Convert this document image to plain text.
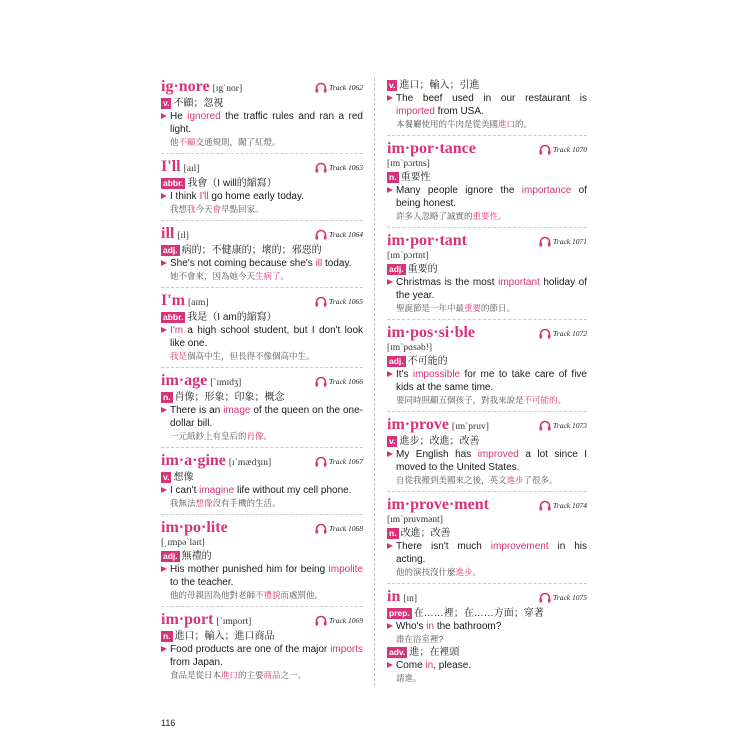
ig·nore [ɪg`nor]	Track 1062
v. 不顧；忽視
He ignored the traffic rules and ran a red light.
他不顧交通規則，闖了紅燈。
I'll [aɪl]	Track 1063
abbr. 我會（I will的縮寫）
I think I'll go home early today.
我想我今天會早點回家。
ill [ɪl]	Track 1064
adj. 病的；不健康的；壞的；邪惡的
She's not coming because she's ill today.
她不會來，因為她今天生病了。
I'm [aɪm]	Track 1065
abbr. 我是（I am的縮寫）
I'm a high school student, but I don't look like one.
我是個高中生，但長得不像個高中生。
im·age [`ɪmɪdʒ]	Track 1066
n. 肖像；形象；印象；概念
There is an image of the queen on the one-dollar bill.
一元紙鈔上有皇后的肖像。
im·a·gine [ɪ`mædʒɪn]	Track 1067
v. 想像
I can't imagine life without my cell phone.
我無法想像沒有手機的生活。
im·po·lite	Track 1068
[͵ɪmpə`laɪt]
adj. 無禮的
His mother punished him for being impolite to the teacher.
他的母親因為他對老師不禮貌而處罰他。
im·port [`ɪmport]	Track 1069
n. 進口；輸入；進口商品
Food products are one of the major imports from Japan.
食品是從日本進口的主要商品之一。
v. 進口；輸入；引進
The beef used in our restaurant is imported from USA.
本餐廳使用的牛肉是從美國進口的。
im·por·tance	Track 1070
[ɪm`pɔrtns]
n. 重要性
Many people ignore the importance of being honest.
許多人忽略了誠實的重要性。
im·por·tant	Track 1071
[ɪm`pɔrtnt]
adj. 重要的
Christmas is the most important holiday of the year.
聖誕節是一年中最重要的節日。
im·pos·si·ble	Track 1072
[ɪm`pɑsəb!]
adj. 不可能的
It's impossible for me to take care of five kids at the same time.
要同時照顧五個孩子，對我來說是不可能的。
im·prove [ɪm`pruv]	Track 1073
v. 進步；改進；改善
My English has improved a lot since I moved to the United States.
自從我搬到美國來之後，英文進步了很多。
im·prove·ment	Track 1074
[ɪm`pruvmənt]
n. 改進；改善
There isn't much improvement in his acting.
他的演技沒什麼進步。
in [ɪn]	Track 1075
prep. 在……裡；在……方面；穿著
Who's in the bathroom?
誰在浴室裡?
adv. 進；在裡頭
Come in, please.
請進。
116
